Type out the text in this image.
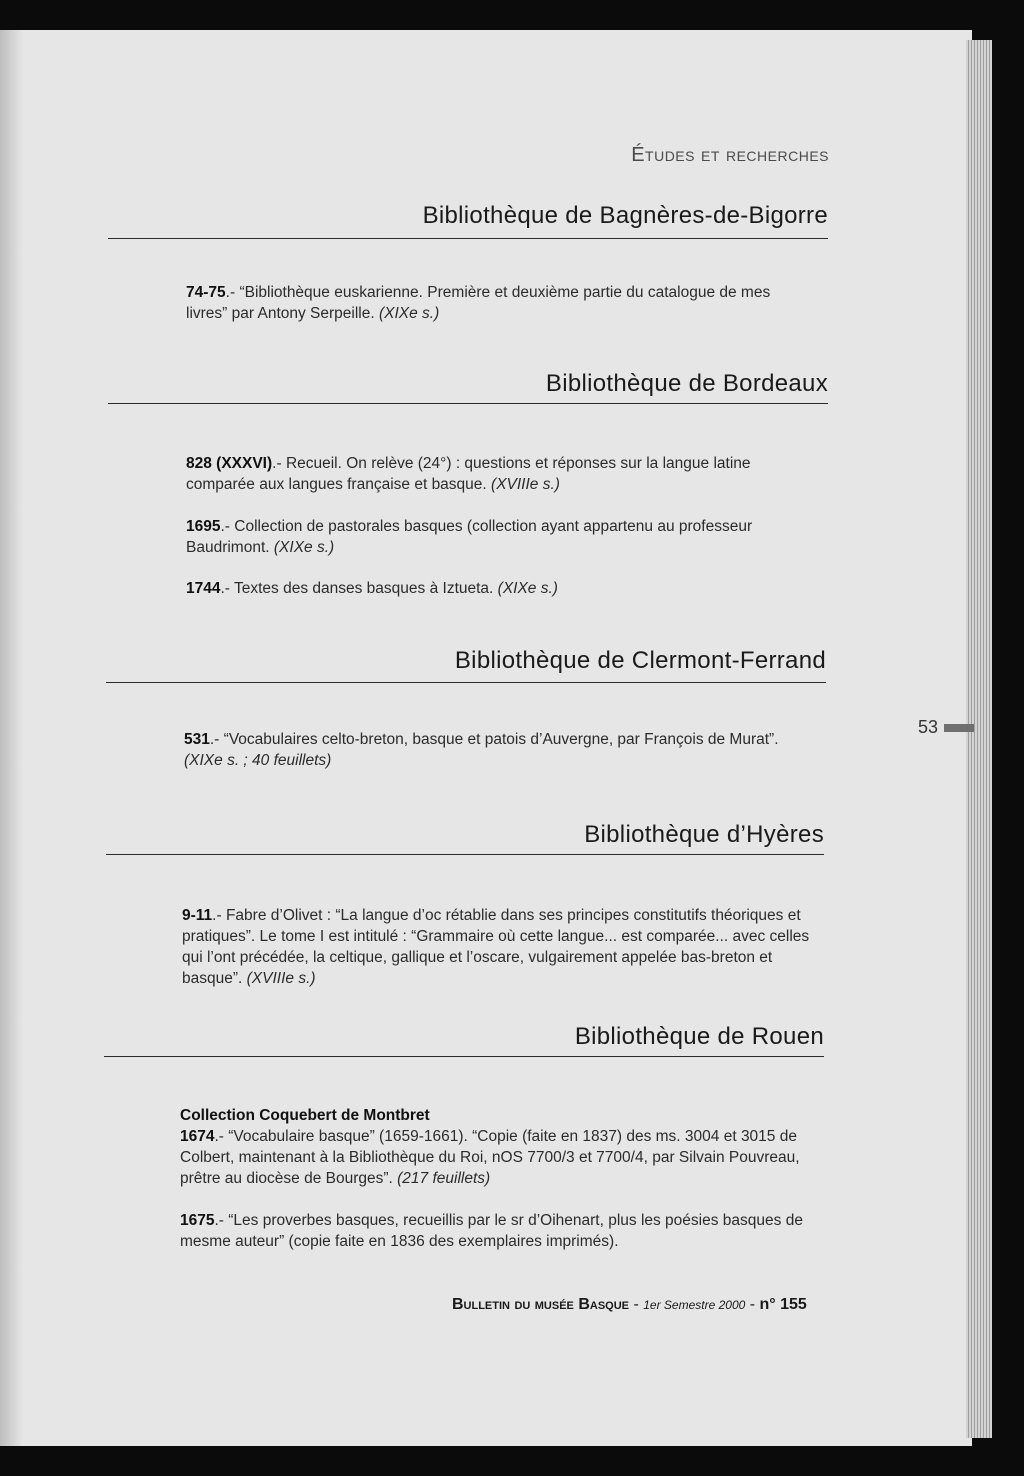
Études et recherches
Bibliothèque de Bagnères-de-Bigorre

74-75.- “Bibliothèque euskarienne. Première et deuxième partie du catalogue de mes livres” par Antony Serpeille. (XIXe s.)

Bibliothèque de Bordeaux

828 (XXXVI).- Recueil. On relève (24°) : questions et réponses sur la langue latine comparée aux langues française et basque. (XVIIIe s.)

1695.- Collection de pastorales basques (collection ayant appartenu au professeur Baudrimont. (XIXe s.)

1744.- Textes des danses basques à Iztueta. (XIXe s.)

Bibliothèque de Clermont-Ferrand

531.- “Vocabulaires celto-breton, basque et patois d’Auvergne, par François de Murat”. (XIXe s. ; 40 feuillets)

Bibliothèque d’Hyères

9-11.- Fabre d’Olivet : “La langue d’oc rétablie dans ses principes constitutifs théoriques et pratiques”. Le tome I est intitulé : “Grammaire où cette langue... est comparée... avec celles qui l’ont précédée, la celtique, gallique et l’oscare, vulgairement appelée bas-breton et basque”. (XVIIIe s.)

Bibliothèque de Rouen

Collection Coquebert de Montbret

1674.- “Vocabulaire basque” (1659-1661). “Copie (faite en 1837) des ms. 3004 et 3015 de Colbert, maintenant à la Bibliothèque du Roi, nOS 7700/3 et 7700/4, par Silvain Pouvreau, prêtre au diocèse de Bourges”. (217 feuillets)

1675.- “Les proverbes basques, recueillis par le sr d’Oihenart, plus les poésies basques de mesme auteur” (copie faite en 1836 des exemplaires imprimés).

53
Bulletin du musée Basque - 1er Semestre 2000 - n° 155
